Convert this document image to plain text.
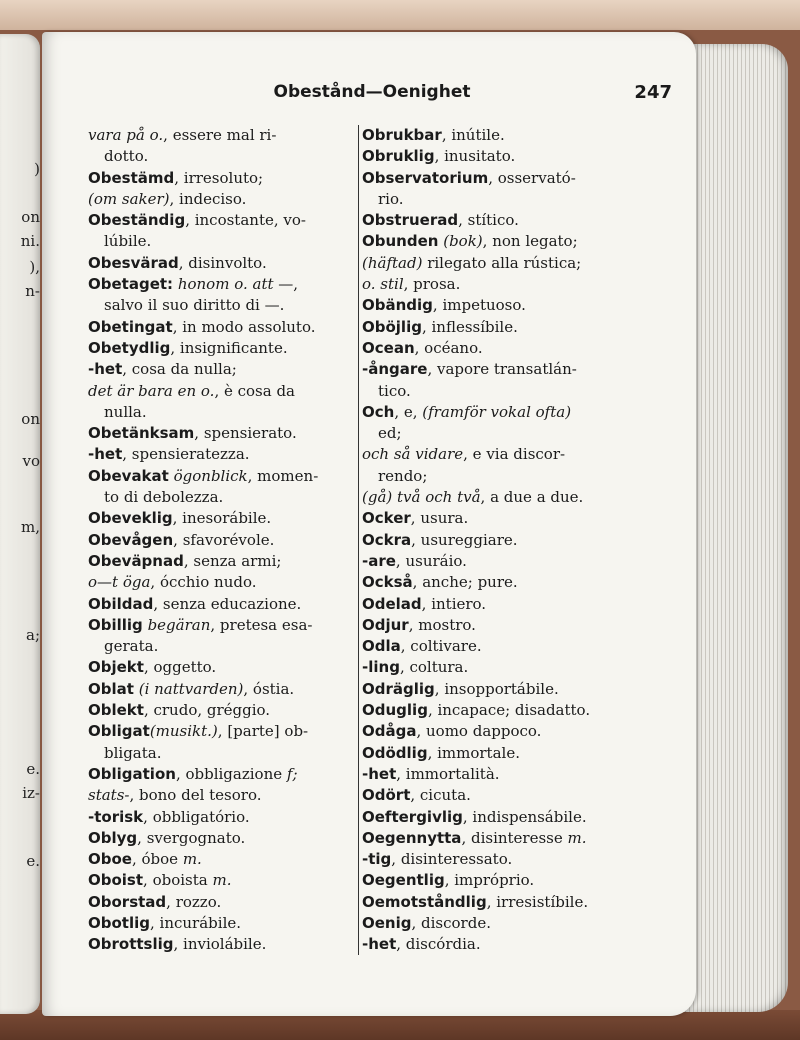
)
on
ni.
),
n-
on
vo
m,
a;
e.
iz-
e.
Obestånd—Oenighet	247
vara på o., essere mal ri-
dotto.
Obestämd, irresoluto;
(om saker), indeciso.
Obeständig, incostante, vo-
lúbile.
Obesvärad, disinvolto.
Obetaget: honom o. att —,
salvo il suo diritto di —.
Obetingat, in modo assoluto.
Obetydlig, insignificante.
-het, cosa da nulla;
det är bara en o., è cosa da
nulla.
Obetänksam, spensierato.
-het, spensieratezza.
Obevakat ögonblick, momen-
to di debolezza.
Obeveklig, inesorábile.
Obevågen, sfavorévole.
Obeväpnad, senza armi;
o—t öga, ócchio nudo.
Obildad, senza educazione.
Obillig begäran, pretesa esa-
gerata.
Objekt, oggetto.
Oblat (i nattvarden), óstia.
Oblekt, crudo, gréggio.
Obligat(musikt.), [parte] ob-
bligata.
Obligation, obbligazione f;
stats-, bono del tesoro.
-torisk, obbligatório.
Oblyg, svergognato.
Oboe, óboe m.
Oboist, oboista m.
Oborstad, rozzo.
Obotlig, incurábile.
Obrottslig, inviolábile.
Obrukbar, inútile.
Obruklig, inusitato.
Observatorium, osservató-
rio.
Obstruerad, stítico.
Obunden (bok), non legato;
(häftad) rilegato alla rústica;
o. stil, prosa.
Obändig, impetuoso.
Oböjlig, inflessíbile.
Ocean, océano.
-ångare, vapore transatlán-
tico.
Och, e, (framför vokal ofta)
ed;
och så vidare, e via discor-
rendo;
(gå) två och två, a due a due.
Ocker, usura.
Ockra, usureggiare.
-are, usuráio.
Också, anche; pure.
Odelad, intiero.
Odjur, mostro.
Odla, coltivare.
-ling, coltura.
Odräglig, insopportábile.
Oduglig, incapace; disadatto.
Odåga, uomo dappoco.
Odödlig, immortale.
-het, immortalità.
Odört, cicuta.
Oeftergivlig, indispensábile.
Oegennytta, disinteresse m.
-tig, disinteressato.
Oegentlig, impróprio.
Oemotståndlig, irresistíbile.
Oenig, discorde.
-het, discórdia.
